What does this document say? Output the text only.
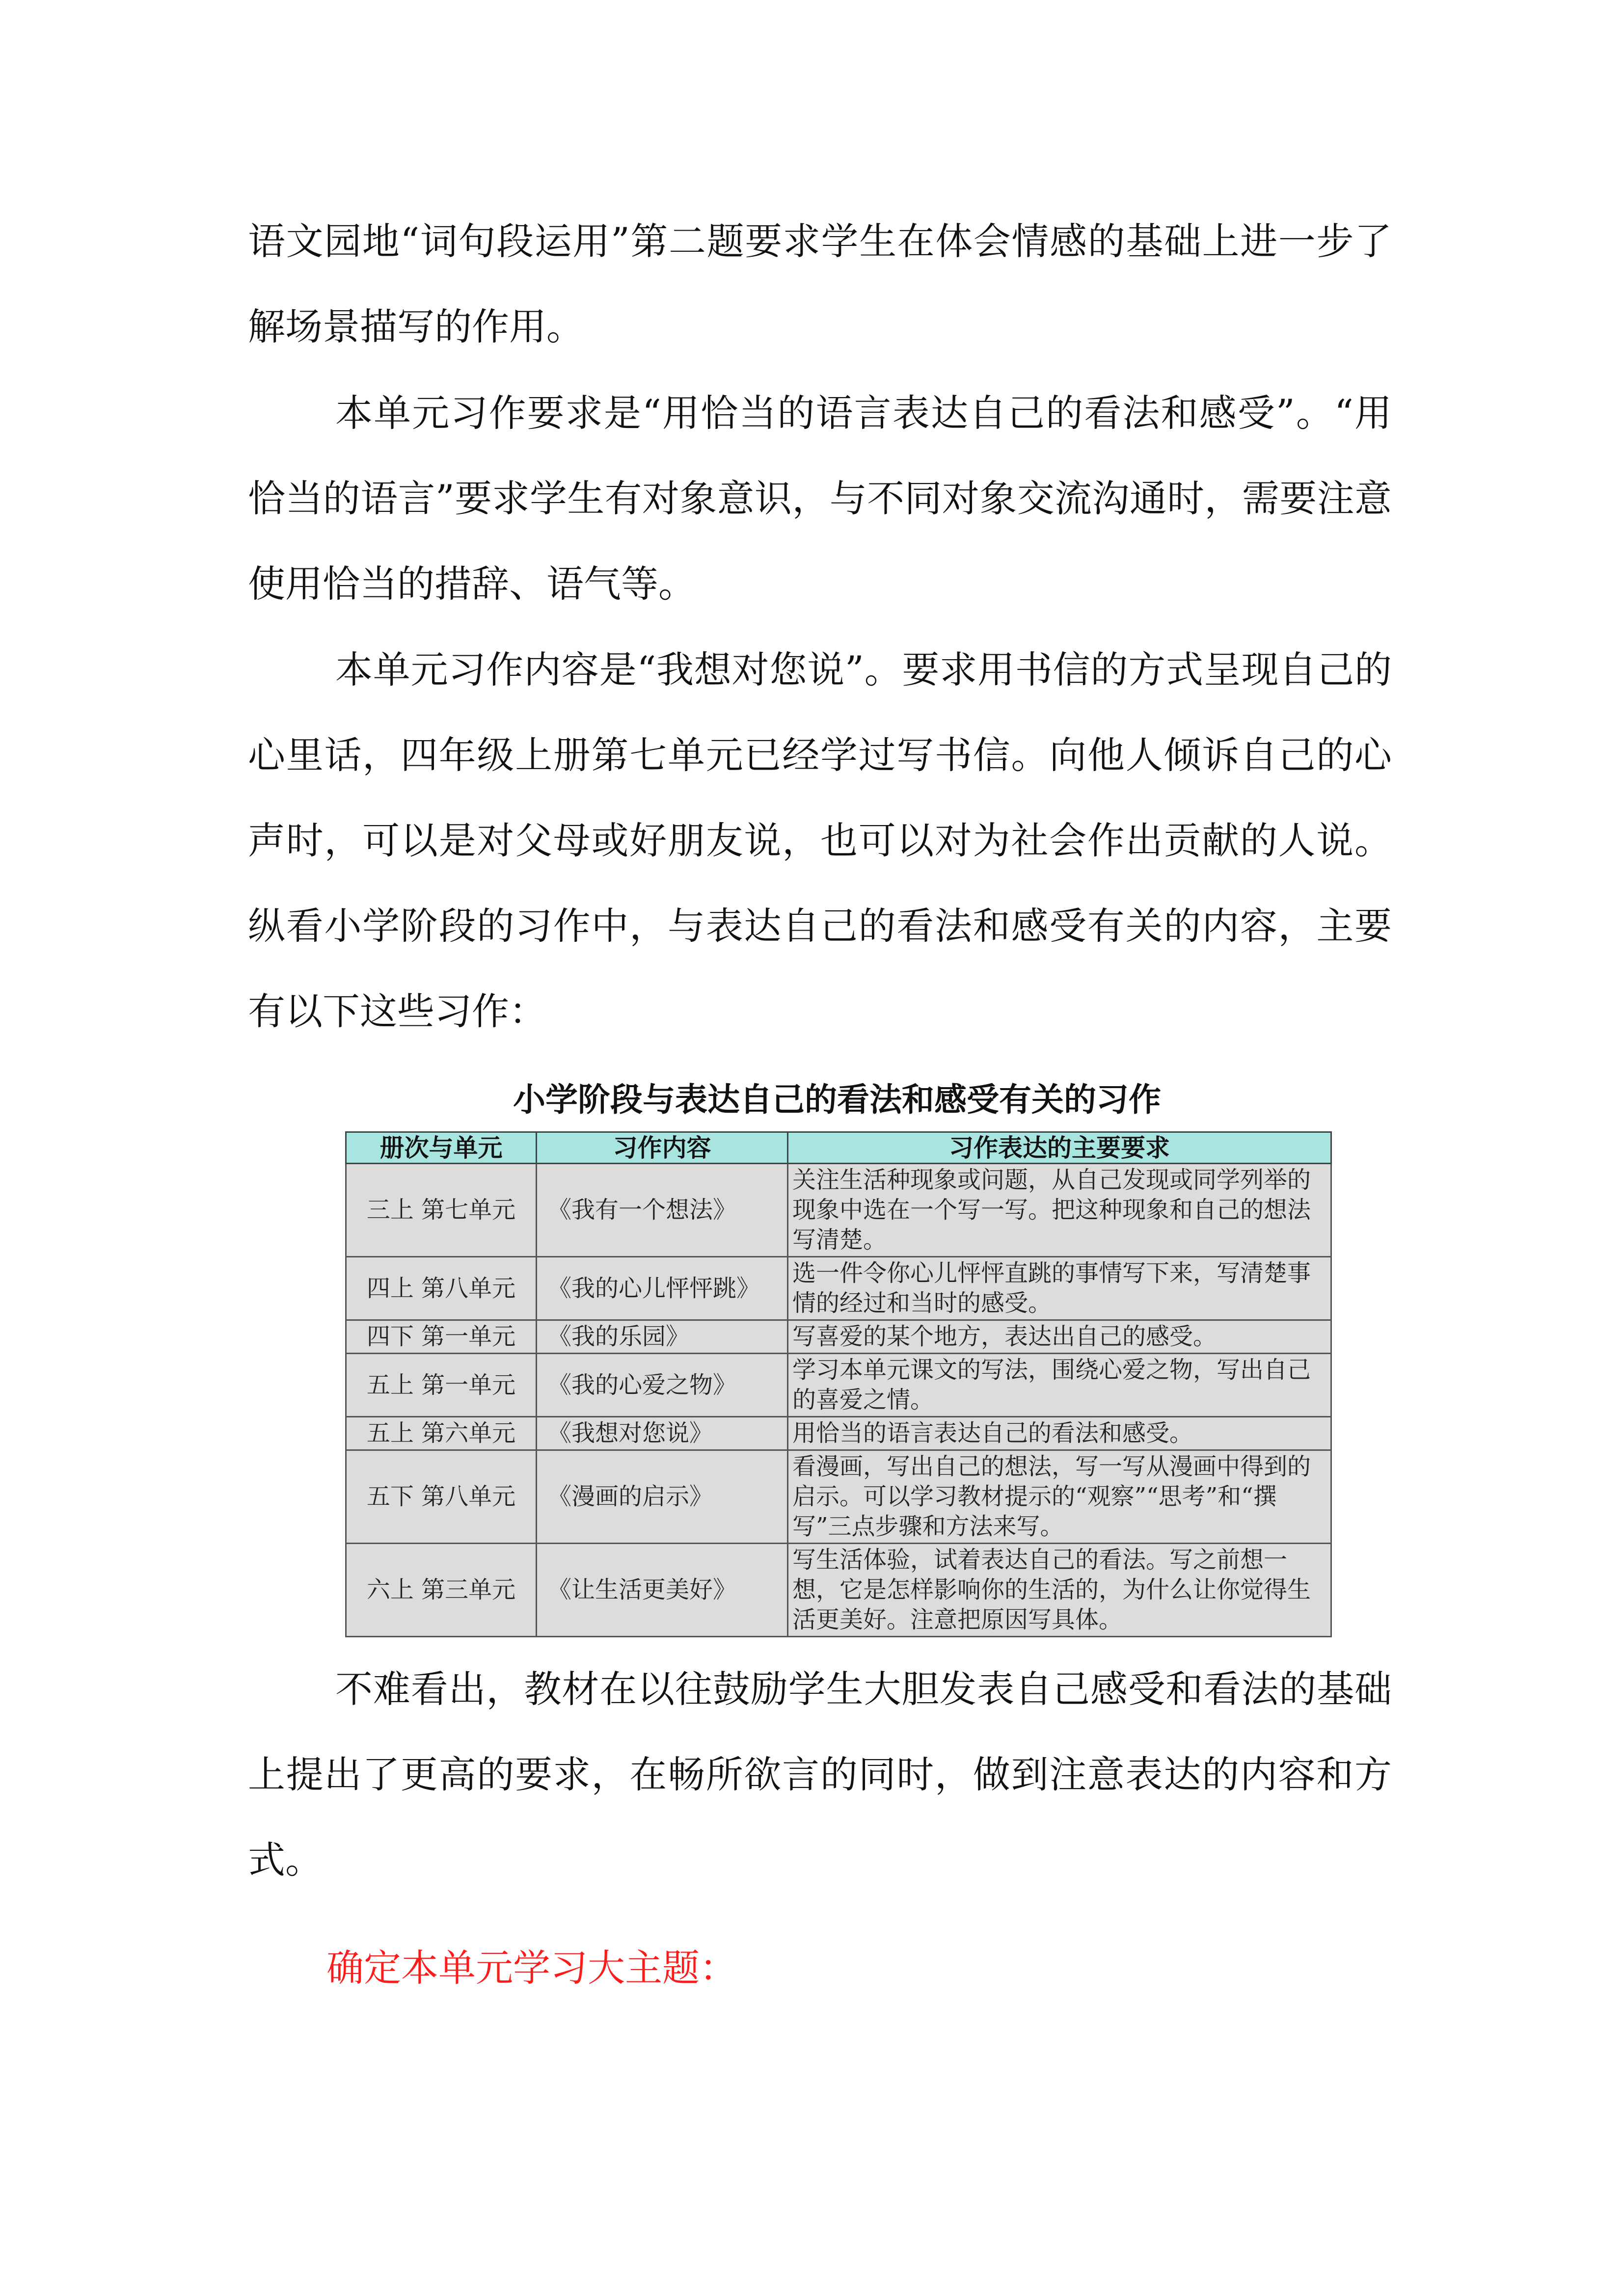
语文园地“词句段运用”第二题要求学生在体会情感的基础上进一步了解场景描写的作用。

本单元习作要求是“用恰当的语言表达自己的看法和感受”。“用恰当的语言”要求学生有对象意识，与不同对象交流沟通时，需要注意使用恰当的措辞、语气等。

本单元习作内容是“我想对您说”。要求用书信的方式呈现自己的心里话，四年级上册第七单元已经学过写书信。向他人倾诉自己的心声时，可以是对父母或好朋友说，也可以对为社会作出贡献的人说。纵看小学阶段的习作中，与表达自己的看法和感受有关的内容，主要有以下这些习作：

小学阶段与表达自己的看法和感受有关的习作
册次与单元	习作内容	习作表达的主要要求
三上 第七单元	《我有一个想法》	关注生活种现象或问题，从自己发现或同学列举的现象中选在一个写一写。把这种现象和自己的想法写清楚。
四上 第八单元	《我的心儿怦怦跳》	选一件令你心儿怦怦直跳的事情写下来，写清楚事情的经过和当时的感受。
四下 第一单元	《我的乐园》	写喜爱的某个地方，表达出自己的感受。
五上 第一单元	《我的心爱之物》	学习本单元课文的写法，围绕心爱之物，写出自己的喜爱之情。
五上 第六单元	《我想对您说》	用恰当的语言表达自己的看法和感受。
五下 第八单元	《漫画的启示》	看漫画，写出自己的想法，写一写从漫画中得到的启示。可以学习教材提示的“观察”“思考”和“撰写”三点步骤和方法来写。
六上 第三单元	《让生活更美好》	写生活体验，试着表达自己的看法。写之前想一想，它是怎样影响你的生活的，为什么让你觉得生活更美好。注意把原因写具体。

不难看出，教材在以往鼓励学生大胆发表自己感受和看法的基础上提出了更高的要求，在畅所欲言的同时，做到注意表达的内容和方式。

确定本单元学习大主题：
